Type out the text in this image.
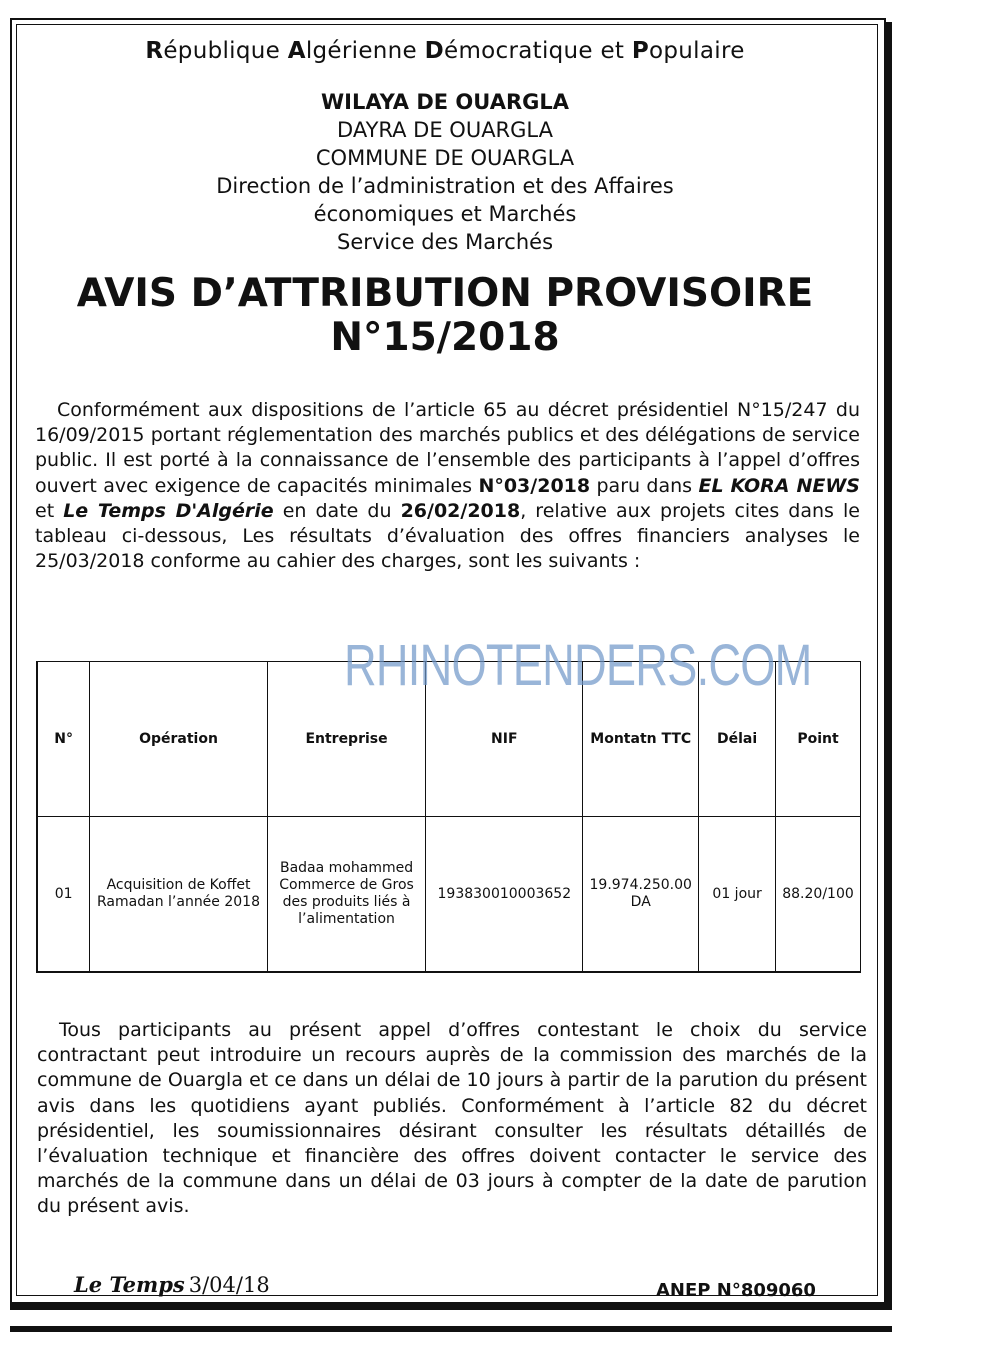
République Algérienne Démocratique et Populaire
WILAYA DE OUARGLA
DAYRA DE OUARGLA
COMMUNE DE OUARGLA
Direction de l’administration et des Affaires
économiques et Marchés
Service des Marchés
AVIS D’ATTRIBUTION PROVISOIRE
N°15/2018
Conformément aux dispositions de l’article 65 au décret présidentiel N°15/247 du 16/09/2015 portant réglementation des marchés publics et des délégations de service public. Il est porté à la connaissance de l’ensemble des participants à l’appel d’offres ouvert avec exigence de capacités minimales N°03/2018 paru dans EL KORA NEWS et Le Temps D'Algérie en date du 26/02/2018, relative aux projets cites dans le tableau ci-dessous, Les résultats d’évaluation des offres financiers analyses le 25/03/2018 conforme au cahier des charges, sont les suivants :
N°	Opération	Entreprise	NIF	Montatn TTC	Délai	Point
01	Acquisition de Koffet Ramadan l’année 2018	Badaa mohammed Commerce de Gros des produits liés à l’alimentation	193830010003652	19.974.250.00 DA	01 jour	88.20/100
RHINOTENDERS.COM
Tous participants au présent appel d’offres contestant le choix du service contractant peut introduire un recours auprès de la commission des marchés de la commune de Ouargla et ce dans un délai de 10 jours à partir de la parution du présent avis dans les quotidiens ayant publiés. Conformément à l’article 82 du décret présidentiel, les soumissionnaires désirant consulter les résultats détaillés de l’évaluation technique et financière des offres doivent contacter le service des marchés de la commune dans un délai de 03 jours à compter de la date de parution du présent avis.
Le Temps 3/04/18	ANEP N°809060
